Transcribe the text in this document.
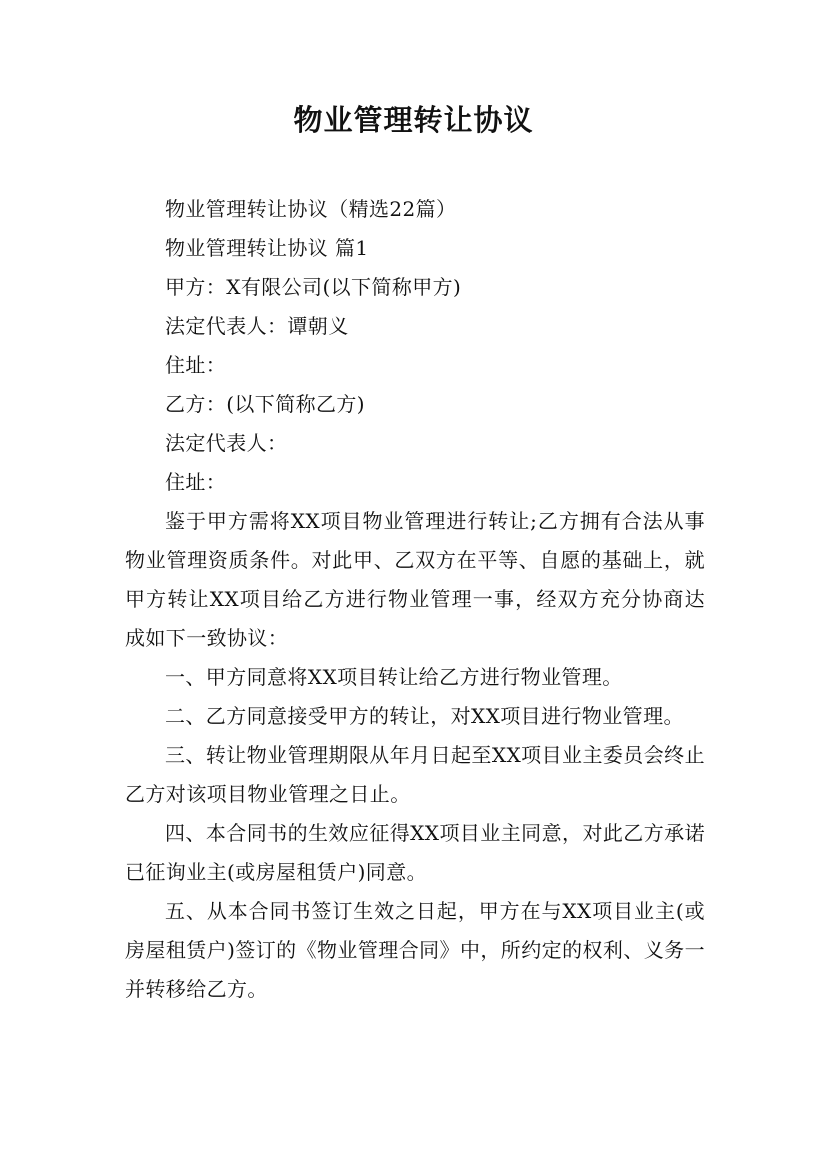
物业管理转让协议

物业管理转让协议（精选22篇）

物业管理转让协议 篇1

甲方：X有限公司(以下简称甲方)

法定代表人：谭朝义

住址：

乙方：(以下简称乙方)

法定代表人：

住址：

鉴于甲方需将XX项目物业管理进行转让;乙方拥有合法从事物业管理资质条件。对此甲、乙双方在平等、自愿的基础上，就甲方转让XX项目给乙方进行物业管理一事，经双方充分协商达成如下一致协议：

一、甲方同意将XX项目转让给乙方进行物业管理。

二、乙方同意接受甲方的转让，对XX项目进行物业管理。

三、转让物业管理期限从年月日起至XX项目业主委员会终止乙方对该项目物业管理之日止。

四、本合同书的生效应征得XX项目业主同意，对此乙方承诺已征询业主(或房屋租赁户)同意。

五、从本合同书签订生效之日起，甲方在与XX项目业主(或房屋租赁户)签订的《物业管理合同》中，所约定的权利、义务一并转移给乙方。
